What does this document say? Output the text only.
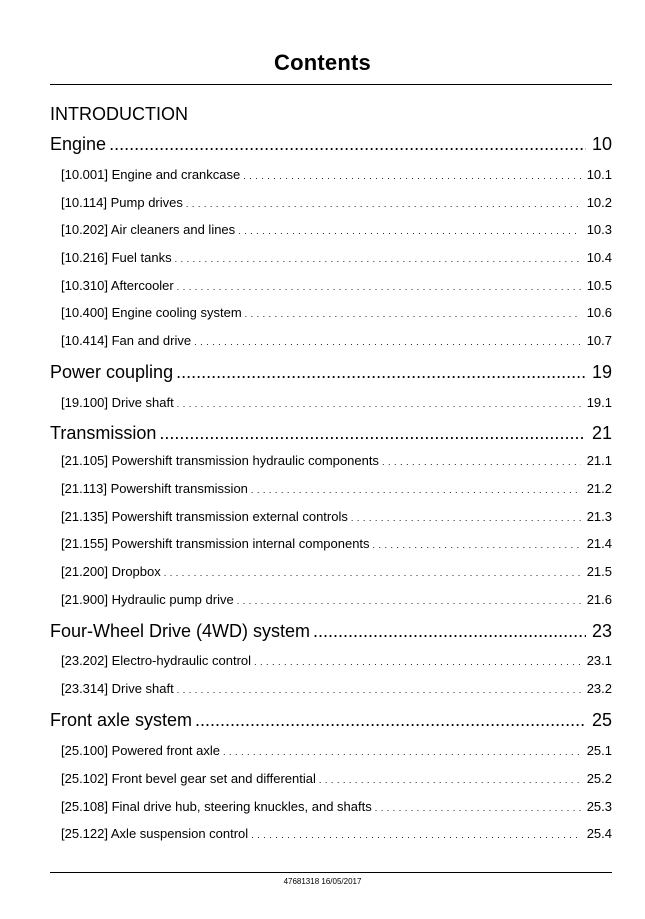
Contents
INTRODUCTION
Engine .....	10
[10.001] Engine and crankcase . . .	10.1
[10.114] Pump drives . . .	10.2
[10.202] Air cleaners and lines . . .	10.3
[10.216] Fuel tanks . . .	10.4
[10.310] Aftercooler . . .	10.5
[10.400] Engine cooling system . . .	10.6
[10.414] Fan and drive . . .	10.7
Power coupling .....	19
[19.100] Drive shaft . . .	19.1
Transmission .....	21
[21.105] Powershift transmission hydraulic components . . .	21.1
[21.113] Powershift transmission . . .	21.2
[21.135] Powershift transmission external controls . . .	21.3
[21.155] Powershift transmission internal components . . .	21.4
[21.200] Dropbox . . .	21.5
[21.900] Hydraulic pump drive . . .	21.6
Four-Wheel Drive (4WD) system .....	23
[23.202] Electro-hydraulic control . . .	23.1
[23.314] Drive shaft . . .	23.2
Front axle system .....	25
[25.100] Powered front axle . . .	25.1
[25.102] Front bevel gear set and differential . . .	25.2
[25.108] Final drive hub, steering knuckles, and shafts . . .	25.3
[25.122] Axle suspension control . . .	25.4
47681318 16/05/2017
